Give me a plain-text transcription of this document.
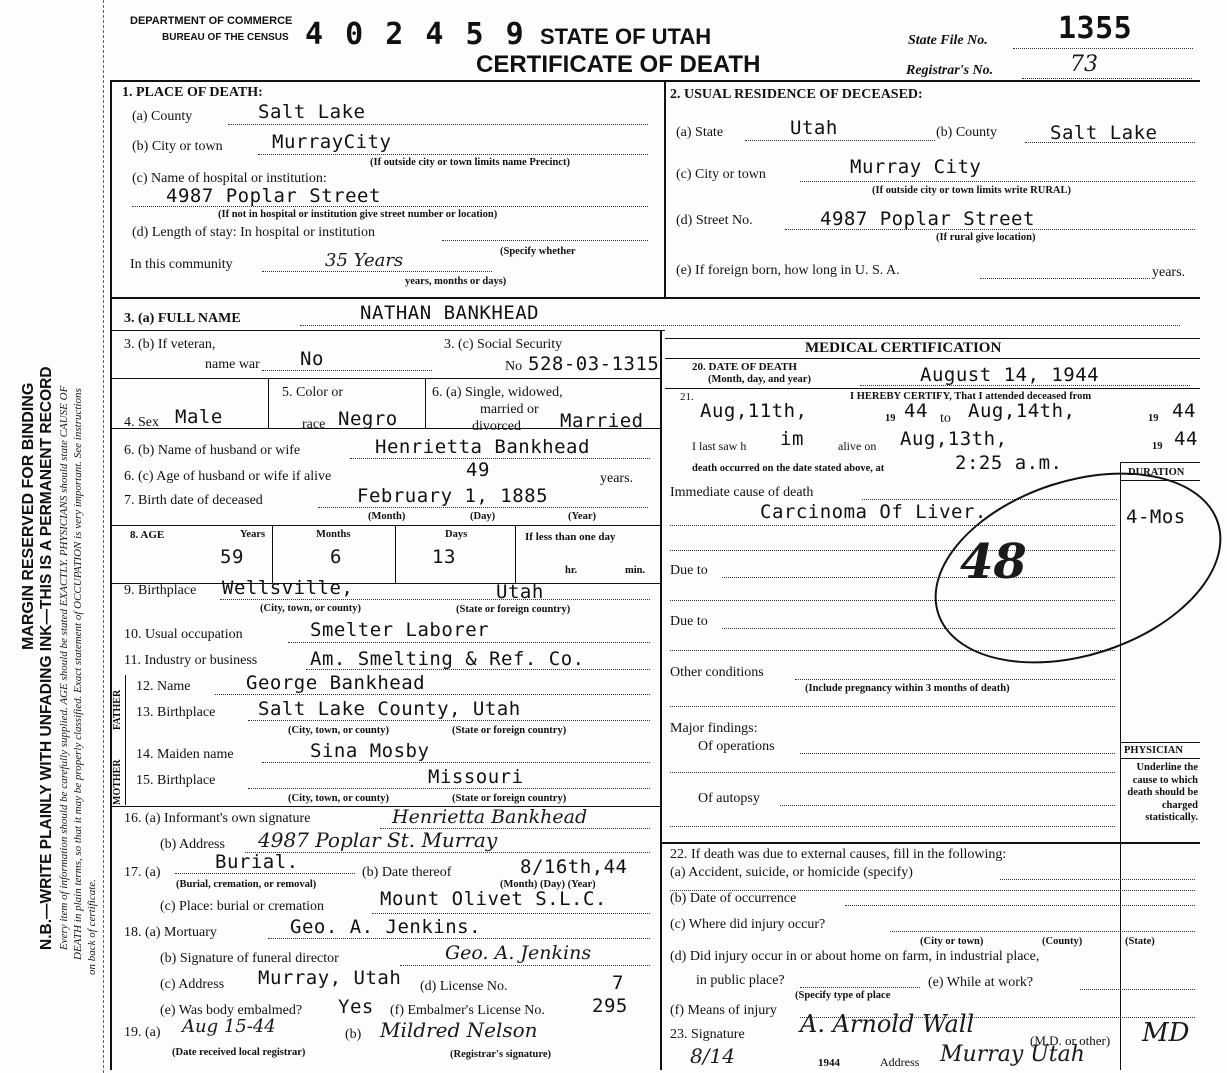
MARGIN RESERVED FOR BINDING N.B.—WRITE PLAINLY WITH UNFADING INK—THIS IS A PERMANENT RECORD Every item of information should be carefully supplied. AGE should be stated EXACTLY. PHYSICIANS should state CAUSE OF DEATH in plain terms, so that it may be properly classified. Exact statement of OCCUPATION is very important. See instructions on back of certificate.
DEPARTMENT OF COMMERCE
BUREAU OF THE CENSUS 4 0 2 4 5 9 STATE OF UTAH
CERTIFICATE OF DEATH
State File No. 1355
Registrar's No.	73
1. PLACE OF DEATH:
(a) County	Salt Lake
(b) City or town	MurrayCity
(If outside city or town limits name Precinct)
(c) Name of hospital or institution:
4987 Poplar Street
(If not in hospital or institution give street number or location)
(d) Length of stay: In hospital or institution
In this community	35 Years	(Specify whether
years, months or days)
2. USUAL RESIDENCE OF DECEASED:
(a) State	Utah	(b) County	Salt Lake
(c) City or town	Murray City
(If outside city or town limits write RURAL)
(d) Street No.	4987 Poplar Street
(If rural give location)
(e) If foreign born, how long in U. S. A.	years.
3. (a) FULL NAME	NATHAN BANKHEAD
3. (b) If veteran,
name war No
3. (c) Social Security
No 528-03-1315
4. Sex Male
5. Color or
race Negro
6. (a) Single, widowed,
married or
divorced Married
6. (b) Name of husband or wife	Henrietta Bankhead
6. (c) Age of husband or wife if alive	49	years.
7. Birth date of deceased	February 1, 1885
(Month)	(Day)	(Year)
8. AGE	Years	Months	Days	If less than one day
59	6	13
hr.	min.
9. Birthplace Wellsville,	Utah
(City, town, or county)	(State or foreign country)
10. Usual occupation	Smelter Laborer
11. Industry or business	Am. Smelting & Ref. Co.
FATHER
MOTHER
12. Name	George Bankhead
13. Birthplace Salt Lake County, Utah
(City, town, or county)	(State or foreign country)
14. Maiden name	Sina Mosby
15. Birthplace	Missouri
(City, town, or county)	(State or foreign country)
16. (a) Informant's own signature	Henrietta Bankhead
(b) Address 4987 Poplar St. Murray
17. (a)	Burial.
(Burial, cremation, or removal)
(b) Date thereof	8/16th,44
(Month) (Day) (Year)
(c) Place: burial or cremation	Mount Olivet S.L.C.
18. (a) Mortuary	Geo. A. Jenkins.
(b) Signature of funeral director	Geo. A. Jenkins
(c) Address Murray, Utah (d) License No.	7
(e) Was body embalmed? Yes (f) Embalmer's License No. 295
19. (a) Aug 15-44	(b) Mildred Nelson
(Date received local registrar)	(Registrar's signature)
MEDICAL CERTIFICATION
20. DATE OF DEATH
(Month, day, and year)	August 14, 1944
21.	I HEREBY CERTIFY, That I attended deceased from
Aug,11th,	19 44 to Aug,14th,	19 44
I last saw h im	alive on Aug,13th,	19 44
death occurred on the date stated above, at	2:25 a.m.	DURATION
Immediate cause of death
Carcinoma Of Liver.	4-Mos
Due to
Due to
Other conditions
(Include pregnancy within 3 months of death)
Major findings:
Of operations
Of autopsy
PHYSICIAN
Underline the cause to which death should be charged statistically.
48
22. If death was due to external causes, fill in the following:
(a) Accident, suicide, or homicide (specify)
(b) Date of occurrence
(c) Where did injury occur?
(City or town)	(County)	(State)
(d) Did injury occur in or about home on farm, in industrial place,
in public place?
(Specify type of place
(e) While at work?
(f) Means of injury
23. Signature A. Arnold Wall
(M.D. or other) MD
8/14	1944	Address Murray Utah
